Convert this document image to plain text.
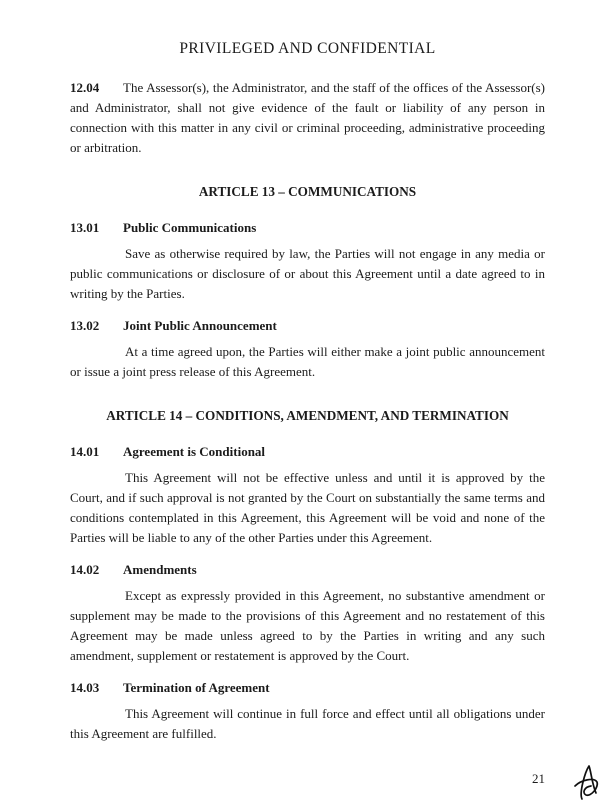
PRIVILEGED AND CONFIDENTIAL

12.04 The Assessor(s), the Administrator, and the staff of the offices of the Assessor(s) and Administrator, shall not give evidence of the fault or liability of any person in connection with this matter in any civil or criminal proceeding, administrative proceeding or arbitration.

ARTICLE 13 – COMMUNICATIONS

13.01 Public Communications

Save as otherwise required by law, the Parties will not engage in any media or public communications or disclosure of or about this Agreement until a date agreed to in writing by the Parties.

13.02 Joint Public Announcement

At a time agreed upon, the Parties will either make a joint public announcement or issue a joint press release of this Agreement.

ARTICLE 14 – CONDITIONS, AMENDMENT, AND TERMINATION

14.01 Agreement is Conditional

This Agreement will not be effective unless and until it is approved by the Court, and if such approval is not granted by the Court on substantially the same terms and conditions contemplated in this Agreement, this Agreement will be void and none of the Parties will be liable to any of the other Parties under this Agreement.

14.02 Amendments

Except as expressly provided in this Agreement, no substantive amendment or supplement may be made to the provisions of this Agreement and no restatement of this Agreement may be made unless agreed to by the Parties in writing and any such amendment, supplement or restatement is approved by the Court.

14.03 Termination of Agreement

This Agreement will continue in full force and effect until all obligations under this Agreement are fulfilled.

21
